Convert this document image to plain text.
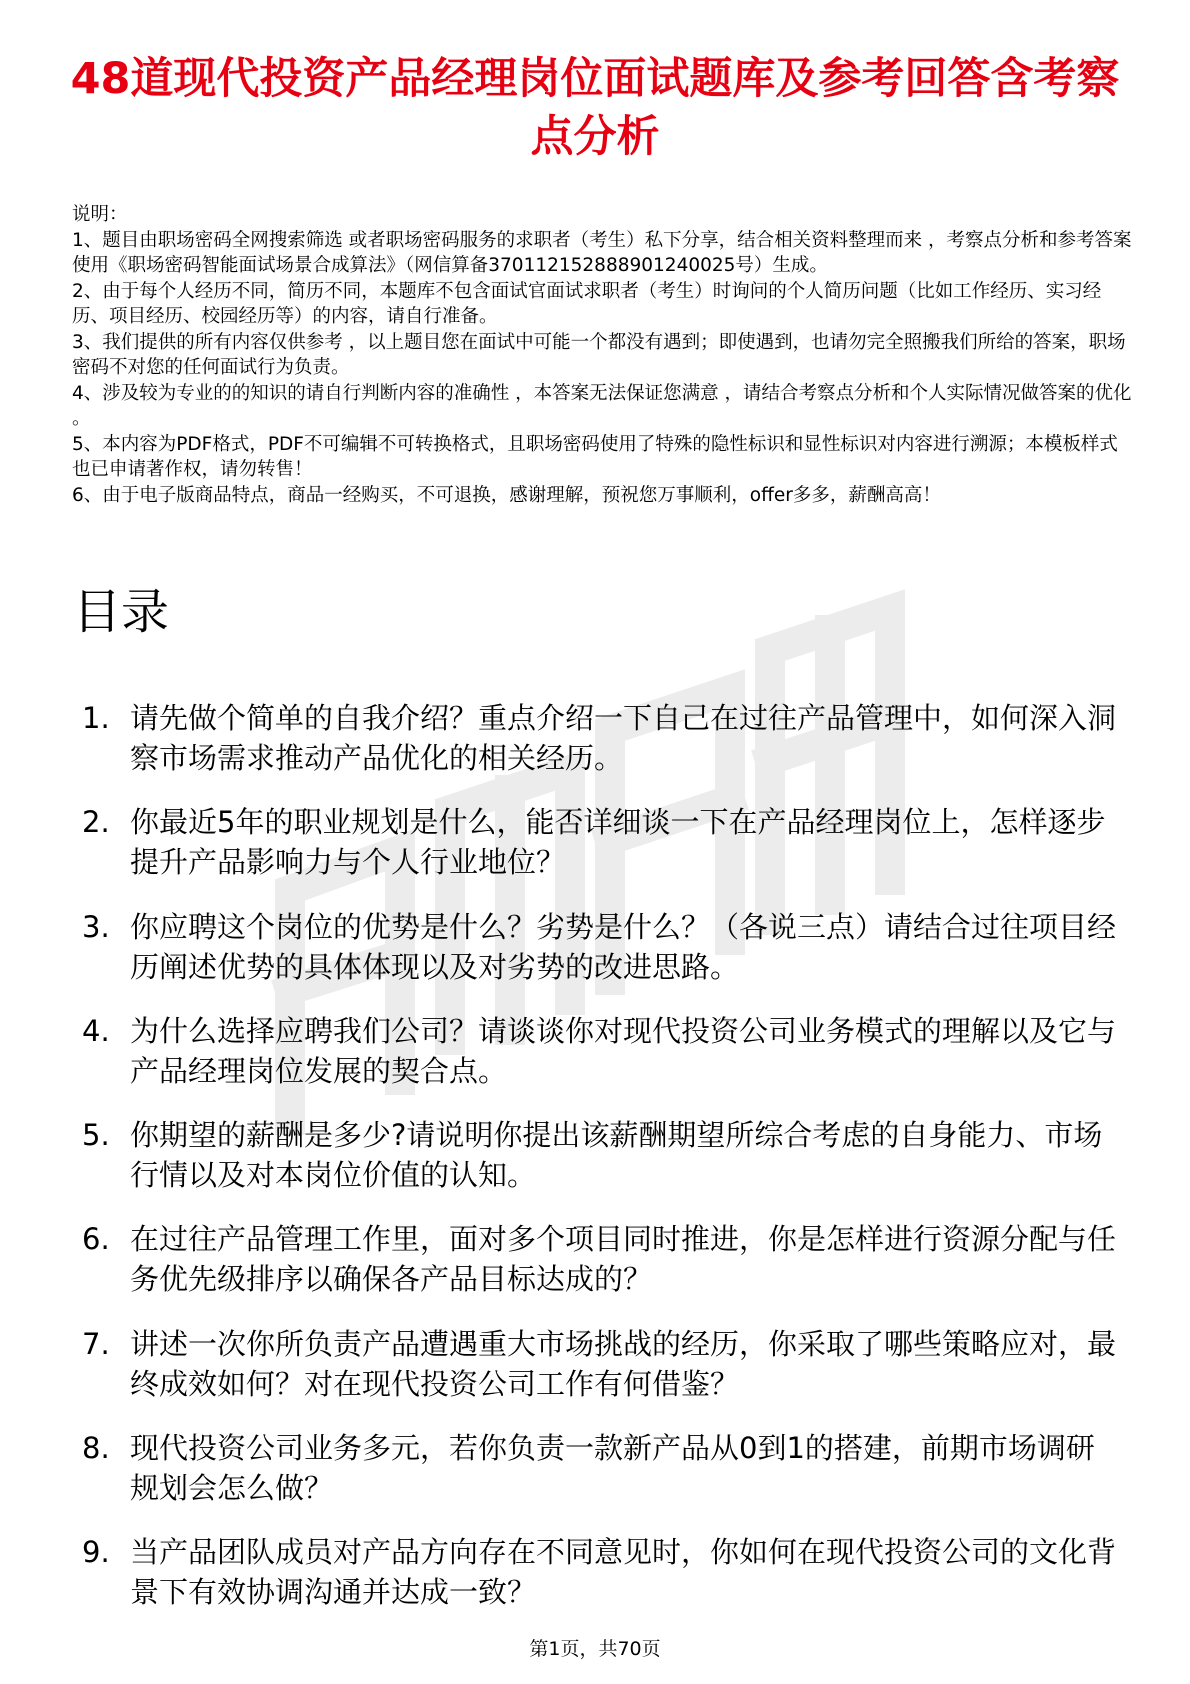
48道现代投资产品经理岗位面试题库及参考回答含考察点分析

说明：

1、题目由职场密码全网搜索筛选 或者职场密码服务的求职者（考生）私下分享，结合相关资料整理而来 ，考察点分析和参考答案使用《职场密码智能面试场景合成算法》（网信算备370112152888901240025号）生成。

2、由于每个人经历不同，简历不同，本题库不包含面试官面试求职者（考生）时询问的个人简历问题（比如工作经历、实习经历、项目经历、校园经历等）的内容，请自行准备。

3、我们提供的所有内容仅供参考 ，以上题目您在面试中可能一个都没有遇到；即使遇到，也请勿完全照搬我们所给的答案，职场密码不对您的任何面试行为负责。

4、涉及较为专业的的知识的请自行判断内容的准确性 ，本答案无法保证您满意 ，请结合考察点分析和个人实际情况做答案的优化 。

5、本内容为PDF格式，PDF不可编辑不可转换格式，且职场密码使用了特殊的隐性标识和显性标识对内容进行溯源；本模板样式也已申请著作权，请勿转售！

6、由于电子版商品特点，商品一经购买，不可退换，感谢理解，预祝您万事顺利，offer多多，薪酬高高！

目录
1. 请先做个简单的自我介绍？重点介绍一下自己在过往产品管理中，如何深入洞察市场需求推动产品优化的相关经历。
2. 你最近5年的职业规划是什么，能否详细谈一下在产品经理岗位上，怎样逐步提升产品影响力与个人行业地位？
3. 你应聘这个岗位的优势是什么？劣势是什么？（各说三点）请结合过往项目经历阐述优势的具体体现以及对劣势的改进思路。
4. 为什么选择应聘我们公司？请谈谈你对现代投资公司业务模式的理解以及它与产品经理岗位发展的契合点。
5. 你期望的薪酬是多少?请说明你提出该薪酬期望所综合考虑的自身能力、市场行情以及对本岗位价值的认知。
6. 在过往产品管理工作里，面对多个项目同时推进，你是怎样进行资源分配与任务优先级排序以确保各产品目标达成的？
7. 讲述一次你所负责产品遭遇重大市场挑战的经历，你采取了哪些策略应对，最终成效如何？对在现代投资公司工作有何借鉴？
8. 现代投资公司业务多元，若你负责一款新产品从0到1的搭建，前期市场调研规划会怎么做？
9. 当产品团队成员对产品方向存在不同意见时，你如何在现代投资公司的文化背景下有效协调沟通并达成一致？
第1页，共70页
